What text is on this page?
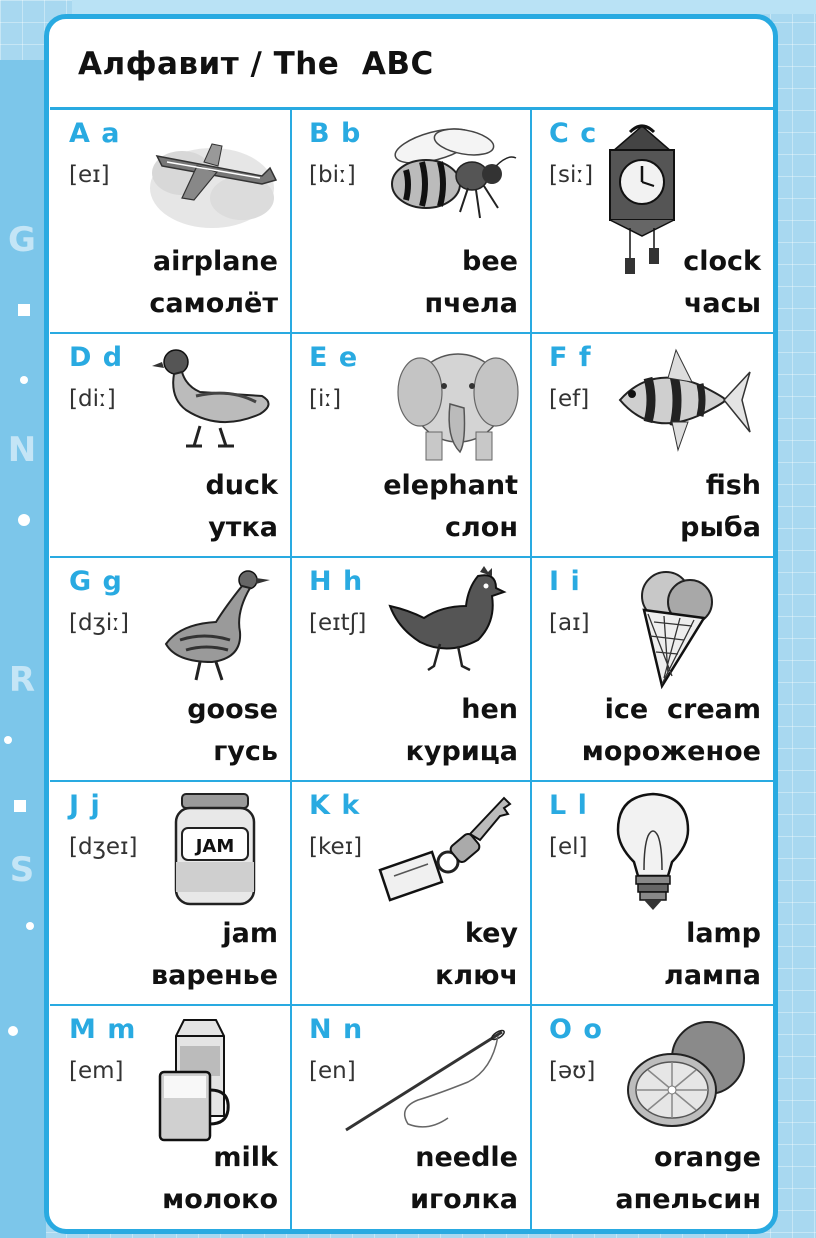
G
N
R
S
Алфавит / The  ABC
A a
[eɪ]
airplane
самолёт
B b
[biː]
bee
пчела
C c
[siː]
clock
часы
D d
[diː]
duck
утка
E e
[iː]
elephant
слон
F f
[ef]
fish
рыба
G g
[dʒiː]
goose
гусь
H h
[eɪtʃ]
hen
курица
I i
[aɪ]
ice  cream
мороженое
J j
[dʒeɪ]	JAM
jam
варенье
K k
[keɪ]
key
ключ
L l
[el]
lamp
лампа
M m
[em]
milk
молоко
N n
[en]
needle
иголка
O o
[əʊ]
orange
апельсин
